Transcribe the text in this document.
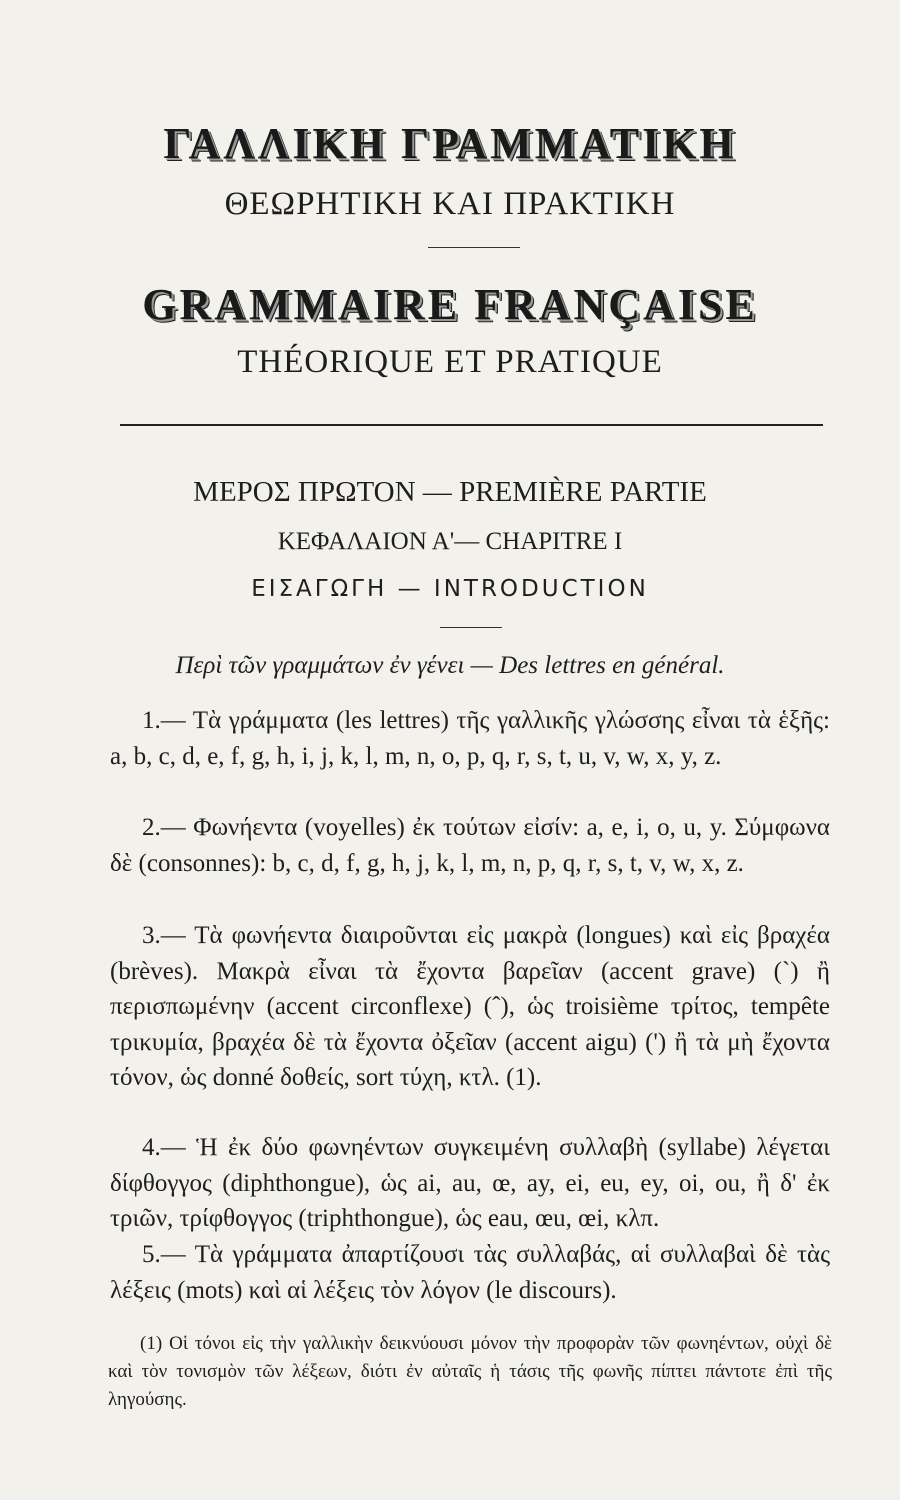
ΓΑΛΛΙΚΗ ΓΡΑΜΜΑΤΙΚΗ
ΘΕΩΡΗΤΙΚΗ ΚΑΙ ΠΡΑΚΤΙΚΗ
GRAMMAIRE FRANÇAISE
THÉORIQUE ET PRATIQUE
ΜΕΡΟΣ ΠΡΩΤΟΝ — PREMIÈRE PARTIE
ΚΕΦΑΛΑΙΟΝ Α'— CHAPITRE I
ΕΙΣΑΓΩΓΗ — INTRODUCTION
Περὶ τῶν γραμμάτων ἐν γένει — Des lettres en général.
1.— Τὰ γράμματα (les lettres) τῆς γαλλικῆς γλώσσης εἶναι τὰ ἑξῆς: a, b, c, d, e, f, g, h, i, j, k, l, m, n, o, p, q, r, s, t, u, v, w, x, y, z.
2.— Φωνήεντα (voyelles) ἐκ τούτων εἰσίν: a, e, i, o, u, y. Σύμφωνα δὲ (consonnes): b, c, d, f, g, h, j, k, l, m, n, p, q, r, s, t, v, w, x, z.
3.— Τὰ φωνήεντα διαιροῦνται εἰς μακρὰ (longues) καὶ εἰς βραχέα (brèves). Μακρὰ εἶναι τὰ ἔχοντα βαρεῖαν (accent grave) (`) ἢ περισπωμένην (accent circonflexe) (ˆ), ὡς troisième τρίτος, tempête τρικυμία, βραχέα δὲ τὰ ἔχοντα ὀξεῖαν (accent aigu) (') ἢ τὰ μὴ ἔχοντα τόνον, ὡς donné δοθείς, sort τύχη, κτλ. (1).
4.— Ἡ ἐκ δύο φωνηέντων συγκειμένη συλλαβὴ (syllabe) λέγεται δίφθογγος (diphthongue), ὡς ai, au, œ, ay, ei, eu, ey, oi, ou, ἢ δ' ἐκ τριῶν, τρίφθογγος (triphthongue), ὡς eau, œu, œi, κλπ.
5.— Τὰ γράμματα ἀπαρτίζουσι τὰς συλλαβάς, αἱ συλλαβαὶ δὲ τὰς λέξεις (mots) καὶ αἱ λέξεις τὸν λόγον (le discours).
(1) Οἱ τόνοι εἰς τὴν γαλλικὴν δεικνύουσι μόνον τὴν προφορὰν τῶν φωνηέντων, οὐχὶ δὲ καὶ τὸν τονισμὸν τῶν λέξεων, διότι ἐν αὐταῖς ἡ τάσις τῆς φωνῆς πίπτει πάντοτε ἐπὶ τῆς ληγούσης.
